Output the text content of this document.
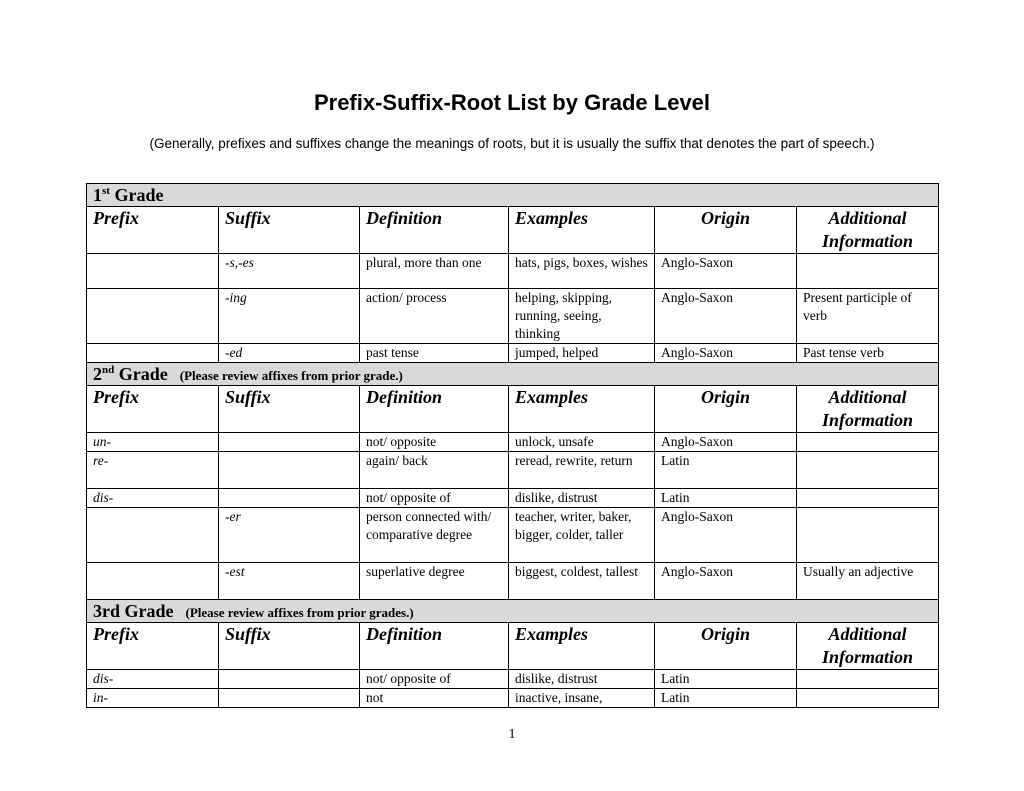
Prefix-Suffix-Root List by Grade Level
(Generally, prefixes and suffixes change the meanings of roots, but it is usually the suffix that denotes the part of speech.)
1st Grade					
Prefix	Suffix	Definition	Examples	Origin	Additional Information
	-s,-es	plural, more than one	hats, pigs, boxes, wishes	Anglo-Saxon	
	-ing	action/ process	helping, skipping, running, seeing, thinking	Anglo-Saxon	Present participle of verb
	-ed	past tense	jumped, helped	Anglo-Saxon	Past tense verb
2nd Grade (Please review affixes from prior grade.)					
Prefix	Suffix	Definition	Examples	Origin	Additional Information
un-		not/ opposite	unlock, unsafe	Anglo-Saxon	
re-		again/ back	reread, rewrite, return	Latin	
dis-		not/ opposite of	dislike, distrust	Latin	
	-er	person connected with/ comparative degree	teacher, writer, baker, bigger, colder, taller	Anglo-Saxon	
	-est	superlative degree	biggest, coldest, tallest	Anglo-Saxon	Usually an adjective
3rd Grade (Please review affixes from prior grades.)					
Prefix	Suffix	Definition	Examples	Origin	Additional Information
dis-		not/ opposite of	dislike, distrust	Latin	
in-		not	inactive, insane,	Latin	
1
